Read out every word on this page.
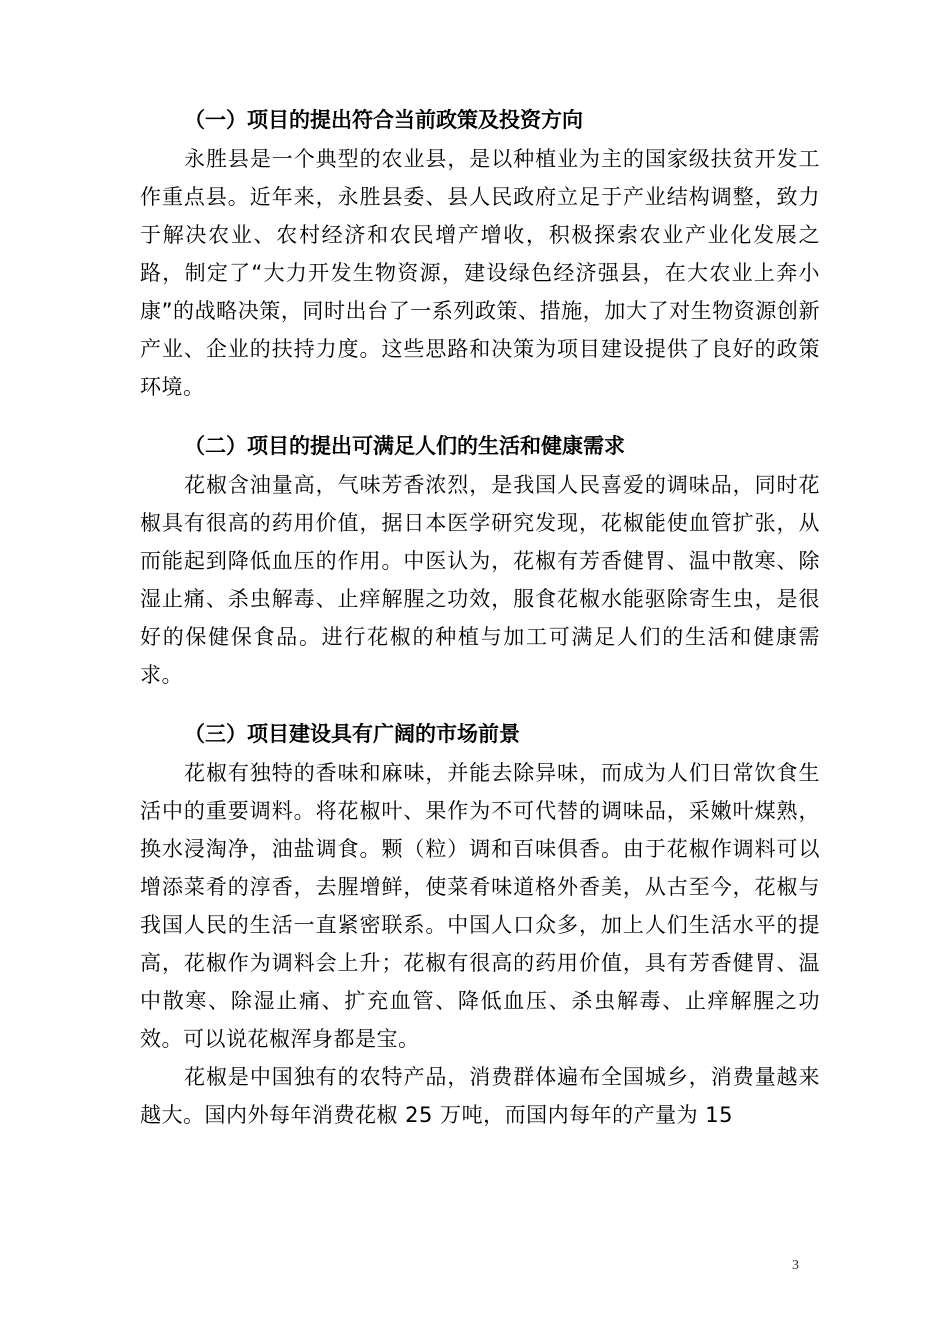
（一）项目的提出符合当前政策及投资方向

永胜县是一个典型的农业县，是以种植业为主的国家级扶贫开发工作重点县。近年来，永胜县委、县人民政府立足于产业结构调整，致力于解决农业、农村经济和农民增产增收，积极探索农业产业化发展之路，制定了“大力开发生物资源，建设绿色经济强县，在大农业上奔小康”的战略决策，同时出台了一系列政策、措施，加大了对生物资源创新产业、企业的扶持力度。这些思路和决策为项目建设提供了良好的政策环境。

（二）项目的提出可满足人们的生活和健康需求

花椒含油量高，气味芳香浓烈，是我国人民喜爱的调味品，同时花椒具有很高的药用价值，据日本医学研究发现，花椒能使血管扩张，从而能起到降低血压的作用。中医认为，花椒有芳香健胃、温中散寒、除湿止痛、杀虫解毒、止痒解腥之功效，服食花椒水能驱除寄生虫，是很好的保健保食品。进行花椒的种植与加工可满足人们的生活和健康需求。

（三）项目建设具有广阔的市场前景

花椒有独特的香味和麻味，并能去除异味，而成为人们日常饮食生活中的重要调料。将花椒叶、果作为不可代替的调味品，采嫩叶煤熟，换水浸淘净，油盐调食。颗（粒）调和百味俱香。由于花椒作调料可以增添菜肴的淳香，去腥增鲜，使菜肴味道格外香美，从古至今，花椒与我国人民的生活一直紧密联系。中国人口众多，加上人们生活水平的提高，花椒作为调料会上升；花椒有很高的药用价值，具有芳香健胃、温中散寒、除湿止痛、扩充血管、降低血压、杀虫解毒、止痒解腥之功效。可以说花椒浑身都是宝。

花椒是中国独有的农特产品，消费群体遍布全国城乡，消费量越来越大。国内外每年消费花椒 25 万吨，而国内每年的产量为 15

3
